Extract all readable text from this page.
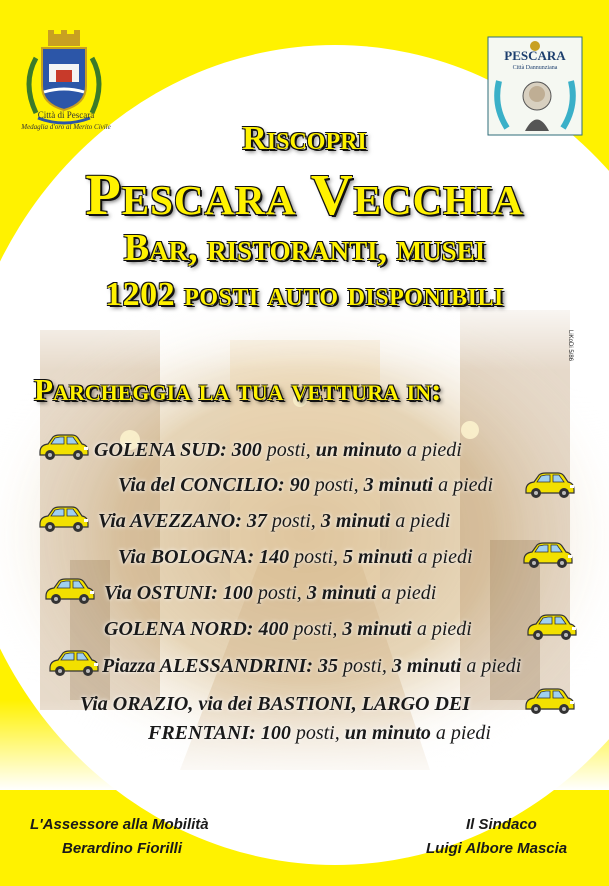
Città di Pescara

Medaglia d'oro al Merito Civile

PESCARA
Città Dannunziana

LiKoDi 5/86

Riscopri
Pescara Vecchia
Bar, ristoranti, musei
1202 posti auto disponibili
Parcheggia la tua vettura in:
GOLENA SUD: 300 posti, un minuto a piedi
Via del CONCILIO: 90 posti, 3 minuti a piedi
Via AVEZZANO: 37 posti, 3 minuti a piedi
Via BOLOGNA: 140 posti, 5 minuti a piedi
Via OSTUNI: 100 posti, 3 minuti a piedi
GOLENA NORD: 400 posti, 3 minuti a piedi
Piazza ALESSANDRINI: 35 posti, 3 minuti a piedi
Via ORAZIO, via dei BASTIONI, LARGO DEI
FRENTANI: 100 posti, un minuto a piedi

L'Assessore alla Mobilità

Berardino Fiorilli

Il Sindaco

Luigi Albore Mascia
